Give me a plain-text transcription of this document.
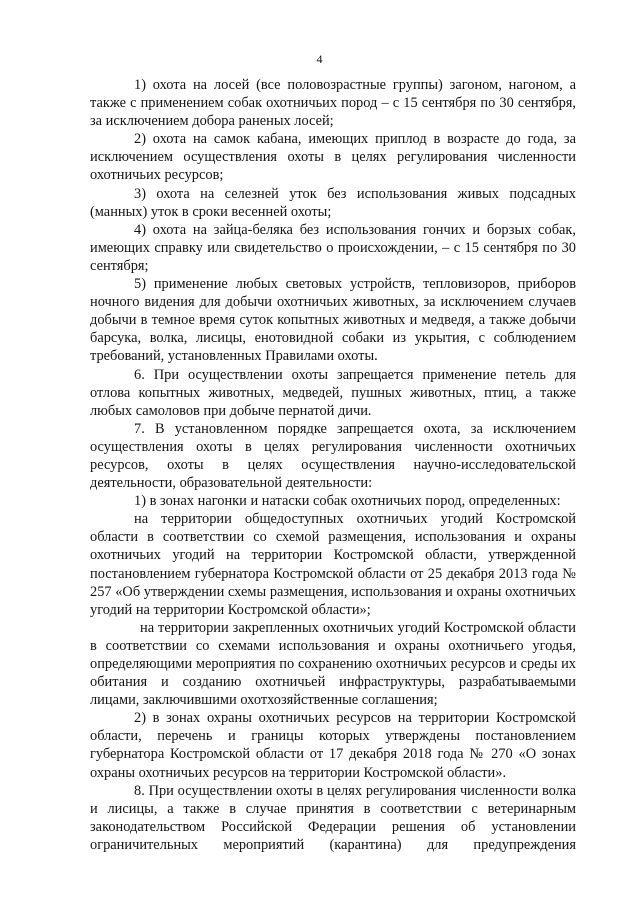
4

1) охота на лосей (все половозрастные группы) загоном, нагоном, а также с применением собак охотничьих пород – с 15 сентября по 30 сентября, за исключением добора раненых лосей;

2) охота на самок кабана, имеющих приплод в возрасте до года, за исключением осуществления охоты в целях регулирования численности охотничьих ресурсов;

3) охота на селезней уток без использования живых подсадных (манных) уток в сроки весенней охоты;

4) охота на зайца-беляка без использования гончих и борзых собак, имеющих справку или свидетельство о происхождении, – с 15 сентября по 30 сентября;

5) применение любых световых устройств, тепловизоров, приборов ночного видения для добычи охотничьих животных, за исключением случаев добычи в темное время суток копытных животных и медведя, а также добычи барсука, волка, лисицы, енотовидной собаки из укрытия, с соблюдением требований, установленных Правилами охоты.

6. При осуществлении охоты запрещается применение петель для отлова копытных животных, медведей, пушных животных, птиц, а также любых самоловов при добыче пернатой дичи.

7. В установленном порядке запрещается охота, за исключением осуществления охоты в целях регулирования численности охотничьих ресурсов, охоты в целях осуществления научно-исследовательской деятельности, образовательной деятельности:

1) в зонах нагонки и натаски собак охотничьих пород, определенных:

на территории общедоступных охотничьих угодий Костромской области в соответствии со схемой размещения, использования и охраны охотничьих угодий на территории Костромской области, утвержденной постановлением губернатора Костромской области от 25 декабря 2013 года № 257 «Об утверждении схемы размещения, использования и охраны охотничьих угодий на территории Костромской области»;

на территории закрепленных охотничьих угодий Костромской области в соответствии со схемами использования и охраны охотничьего угодья, определяющими мероприятия по сохранению охотничьих ресурсов и среды их обитания и созданию охотничьей инфраструктуры, разрабатываемыми лицами, заключившими охотхозяйственные соглашения;

2) в зонах охраны охотничьих ресурсов на территории Костромской области, перечень и границы которых утверждены постановлением губернатора Костромской области от 17 декабря 2018 года № 270 «О зонах охраны охотничьих ресурсов на территории Костромской области».

8. При осуществлении охоты в целях регулирования численности волка и лисицы, а также в случае принятия в соответствии с ветеринарным законодательством Российской Федерации решения об установлении ограничительных мероприятий (карантина) для предупреждения
